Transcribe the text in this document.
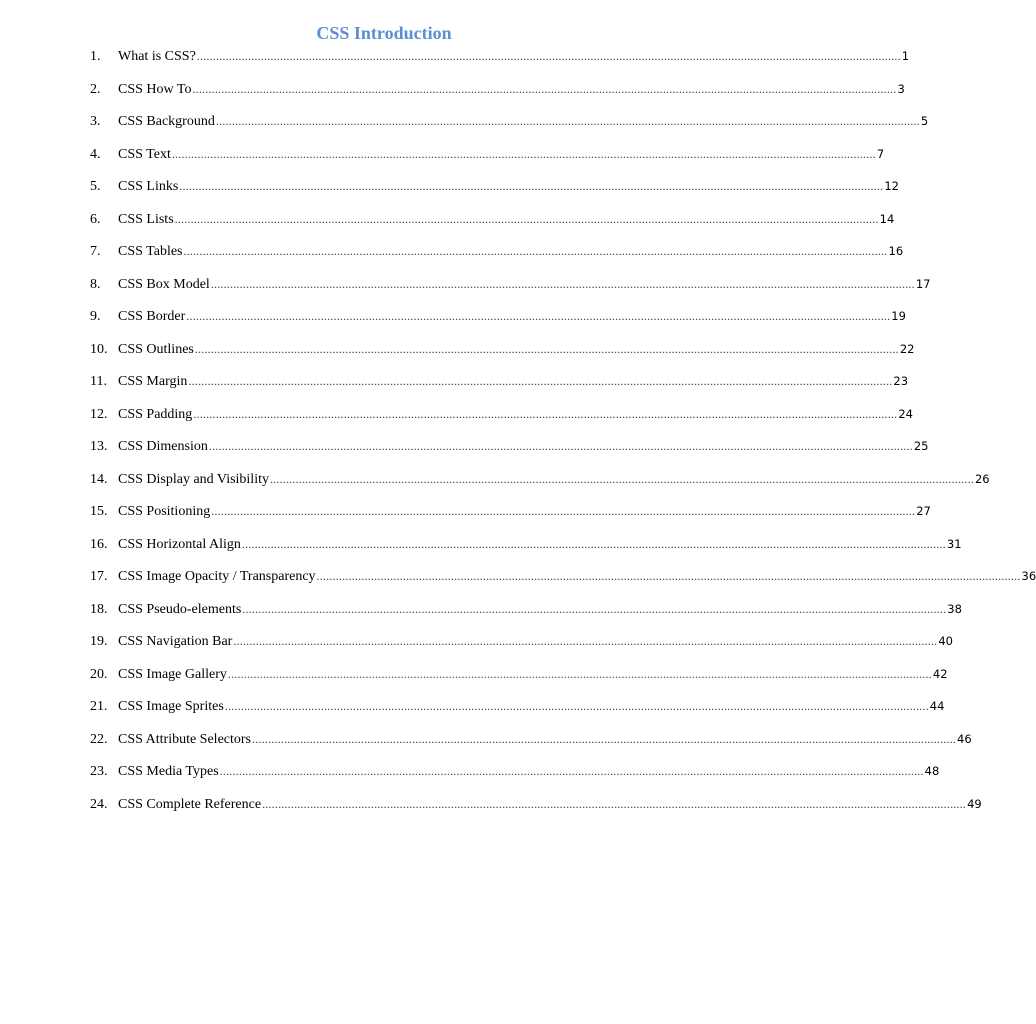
CSS Introduction
1.	What is CSS? ............................................................................................................................................................................................................................ 1
2.	CSS How To ............................................................................................................................................................................................................................ 3
3.	CSS Background ............................................................................................................................................................................................................................ 5
4.	CSS Text ............................................................................................................................................................................................................................ 7
5.	CSS Links ............................................................................................................................................................................................................................ 12
6.	CSS Lists ............................................................................................................................................................................................................................ 14
7.	CSS Tables ............................................................................................................................................................................................................................ 16
8.	CSS Box Model ............................................................................................................................................................................................................................ 17
9.	CSS Border ............................................................................................................................................................................................................................ 19
10. CSS Outlines ............................................................................................................................................................................................................................ 22
11. CSS Margin ............................................................................................................................................................................................................................ 23
12. CSS Padding ............................................................................................................................................................................................................................ 24
13. CSS Dimension ............................................................................................................................................................................................................................ 25
14. CSS Display and Visibility ............................................................................................................................................................................................................................ 26
15. CSS Positioning ............................................................................................................................................................................................................................ 27
16. CSS Horizontal Align ............................................................................................................................................................................................................................ 31
17. CSS Image Opacity / Transparency ............................................................................................................................................................................................................................ 36
18. CSS Pseudo-elements ............................................................................................................................................................................................................................ 38
19. CSS Navigation Bar ............................................................................................................................................................................................................................ 40
20. CSS Image Gallery ............................................................................................................................................................................................................................ 42
21. CSS Image Sprites ............................................................................................................................................................................................................................ 44
22. CSS Attribute Selectors ............................................................................................................................................................................................................................ 46
23. CSS Media Types ............................................................................................................................................................................................................................ 48
24. CSS Complete Reference ............................................................................................................................................................................................................................ 49
